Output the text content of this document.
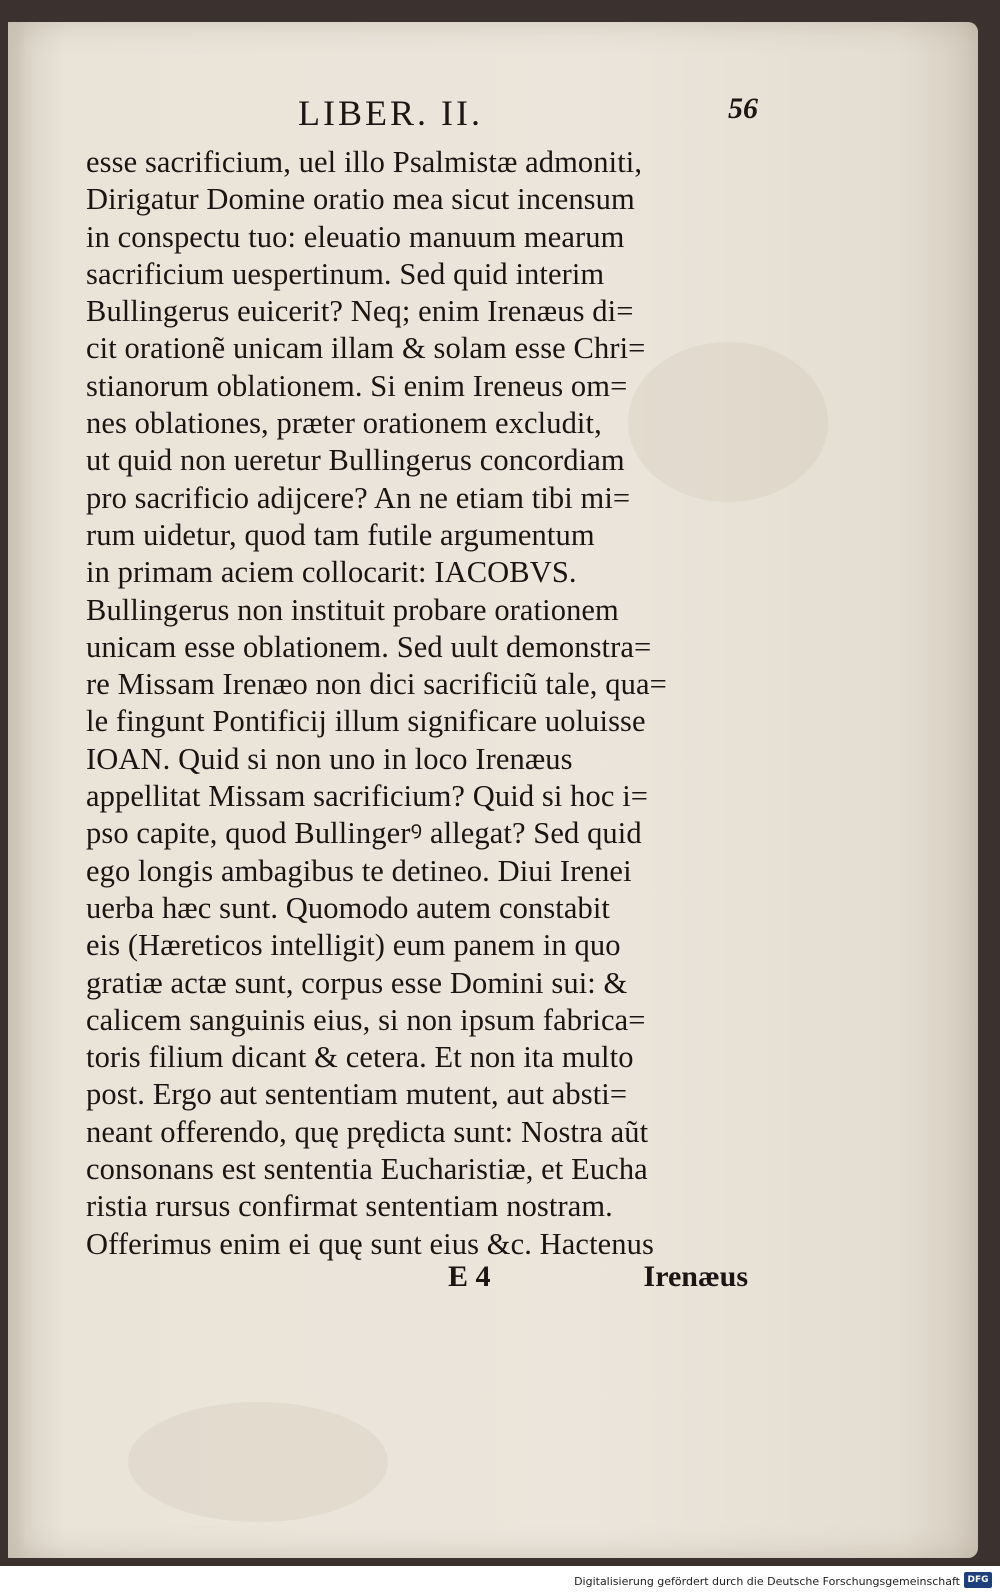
LIBER. II.	56
esse sacrificium, uel illo Psalmistæ admoniti,
Dirigatur Domine oratio mea sicut incensum
in conspectu tuo: eleuatio manuum mearum
sacrificium uespertinum. Sed quid interim
Bullingerus euicerit? Neq; enim Irenæus di=
cit orationẽ unicam illam & solam esse Chri=
stianorum oblationem. Si enim Ireneus om=
nes oblationes, præter orationem excludit,
ut quid non ueretur Bullingerus concordiam
pro sacrificio adijcere? An ne etiam tibi mi=
rum uidetur, quod tam futile argumentum
in primam aciem collocarit: IACOBVS.
Bullingerus non instituit probare orationem
unicam esse oblationem. Sed uult demonstra=
re Missam Irenæo non dici sacrificiũ tale, qua=
le fingunt Pontificij illum significare uoluisse
IOAN. Quid si non uno in loco Irenæus
appellitat Missam sacrificium? Quid si hoc i=
pso capite, quod Bullingerꝰ allegat? Sed quid
ego longis ambagibus te detineo. Diui Irenei
uerba hæc sunt. Quomodo autem constabit
eis (Hæreticos intelligit) eum panem in quo
gratiæ actæ sunt, corpus esse Domini sui: &
calicem sanguinis eius, si non ipsum fabrica=
toris filium dicant & cetera. Et non ita multo
post. Ergo aut sententiam mutent, aut absti=
neant offerendo, quę prędicta sunt: Nostra aũt
consonans est sententia Eucharistiæ, et Eucha
ristia rursus confirmat sententiam nostram.
Offerimus enim ei quę sunt eius &c. Hactenus
E 4	Irenæus
Digitalisierung gefördert durch die Deutsche Forschungsgemeinschaft DFG
